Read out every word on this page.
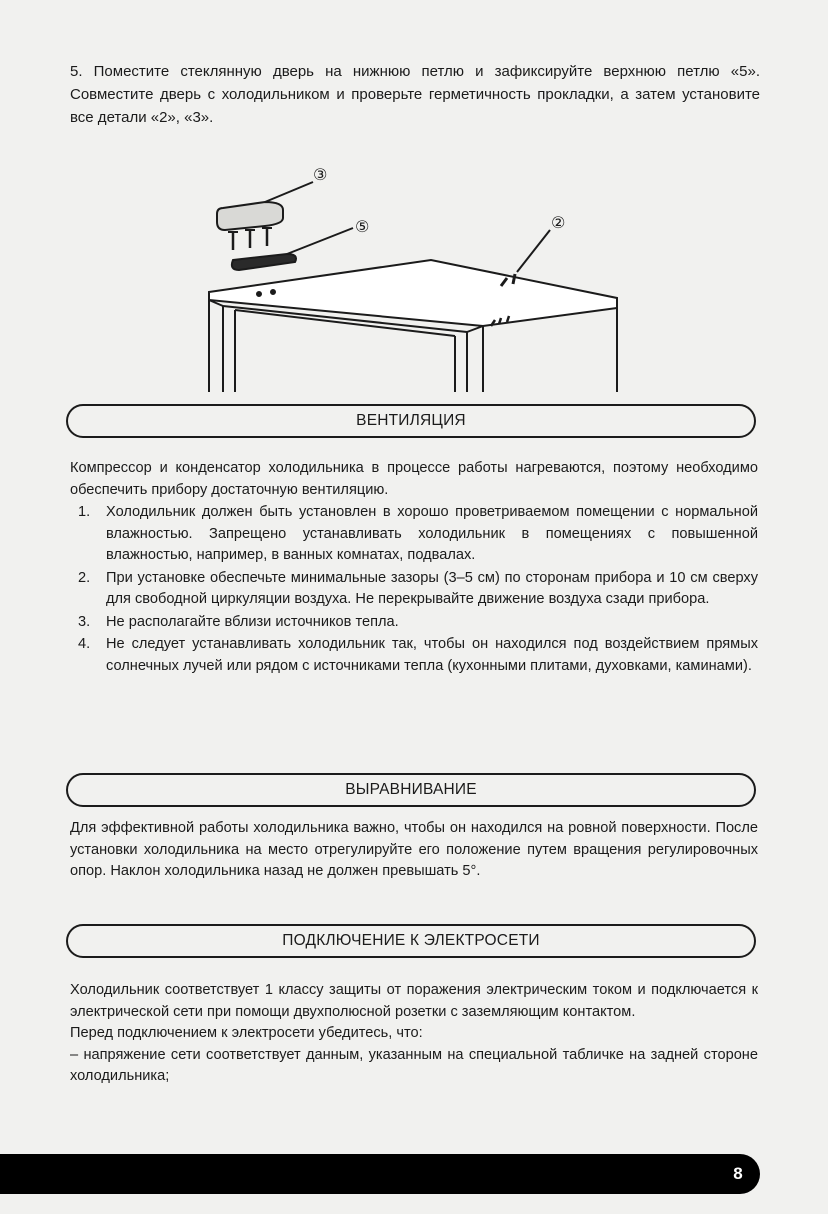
5. Поместите стеклянную дверь на нижнюю петлю и зафиксируйте верхнюю петлю «5». Совместите дверь с холодильником и проверьте герметичность прокладки, а затем установите все детали «2», «3».

③
⑤	②
ВЕНТИЛЯЦИЯ

Компрессор и конденсатор холодильника в процессе работы нагреваются, поэтому необходимо обеспечить прибору достаточную вентиляцию.

1. Холодильник должен быть установлен в хорошо проветриваемом помещении с нормальной влажностью. Запрещено устанавливать холодильник в помещениях с повышенной влажностью, например, в ванных комнатах, подвалах.
2. При установке обеспечьте минимальные зазоры (3–5 см) по сторонам прибора и 10 см сверху для свободной циркуляции воздуха. Не перекрывайте движение воздуха сзади прибора.
3. Не располагайте вблизи источников тепла.
4. Не следует устанавливать холодильник так, чтобы он находился под воздействием прямых солнечных лучей или рядом с источниками тепла (кухонными плитами, духовками, каминами).
ВЫРАВНИВАНИЕ

Для эффективной работы холодильника важно, чтобы он находился на ровной поверхности. После установки холодильника на место отрегулируйте его положение путем вращения регулировочных опор. Наклон холодильника назад не должен превышать 5°.

ПОДКЛЮЧЕНИЕ К ЭЛЕКТРОСЕТИ

Холодильник соответствует 1 классу защиты от поражения электрическим током и подключается к электрической сети при помощи двухполюсной розетки с заземляющим контактом.

Перед подключением к электросети убедитесь, что:

– напряжение сети соответствует данным, указанным на специальной табличке на задней стороне холодильника;

8
